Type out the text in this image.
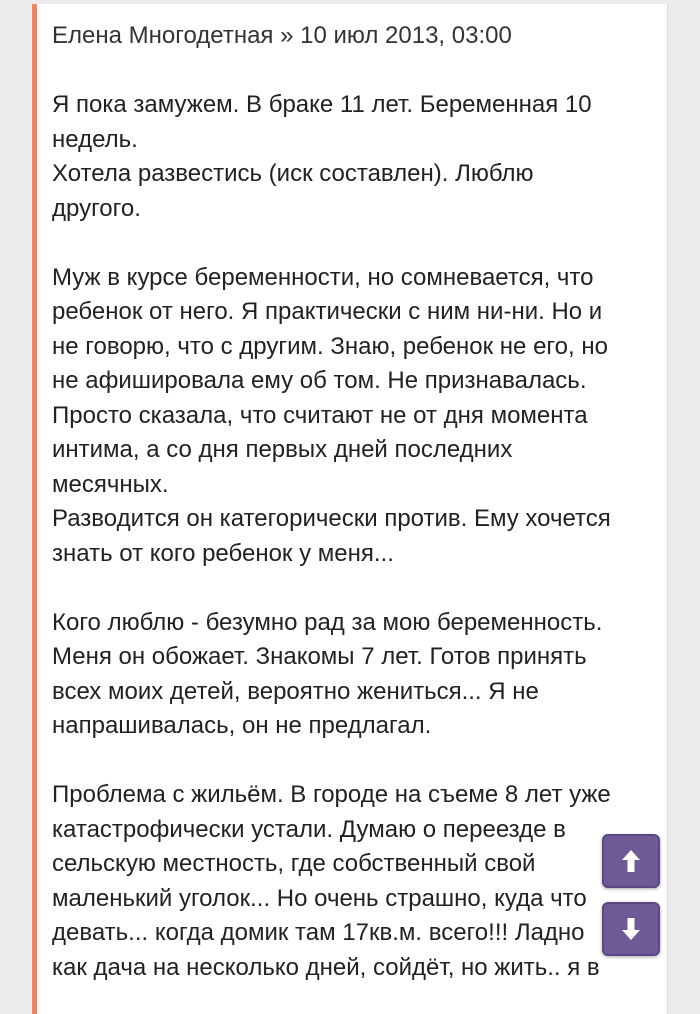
Елена Многодетная » 10 июл 2013, 03:00

Я пока замужем. В браке 11 лет. Беременная 10
недель.
Хотела развестись (иск составлен). Люблю
другого.

Муж в курсе беременности, но сомневается, что
ребенок от него. Я практически с ним ни-ни. Но и
не говорю, что с другим. Знаю, ребенок не его, но
не афишировала ему об том. Не признавалась.
Просто сказала, что считают не от дня момента
интима, а со дня первых дней последних
месячных.
Разводится он категорически против. Ему хочется
знать от кого ребенок у меня...

Кого люблю - безумно рад за мою беременность.
Меня он обожает. Знакомы 7 лет. Готов принять
всех моих детей, вероятно жениться... Я не
напрашивалась, он не предлагал.

Проблема с жильём. В городе на съеме 8 лет уже
катастрофически устали. Думаю о переезде в
сельскую местность, где собственный свой
маленький уголок... Но очень страшно, куда что
девать... когда домик там 17кв.м. всего!!! Ладно
как дача на несколько дней, сойдёт, но жить.. я в
